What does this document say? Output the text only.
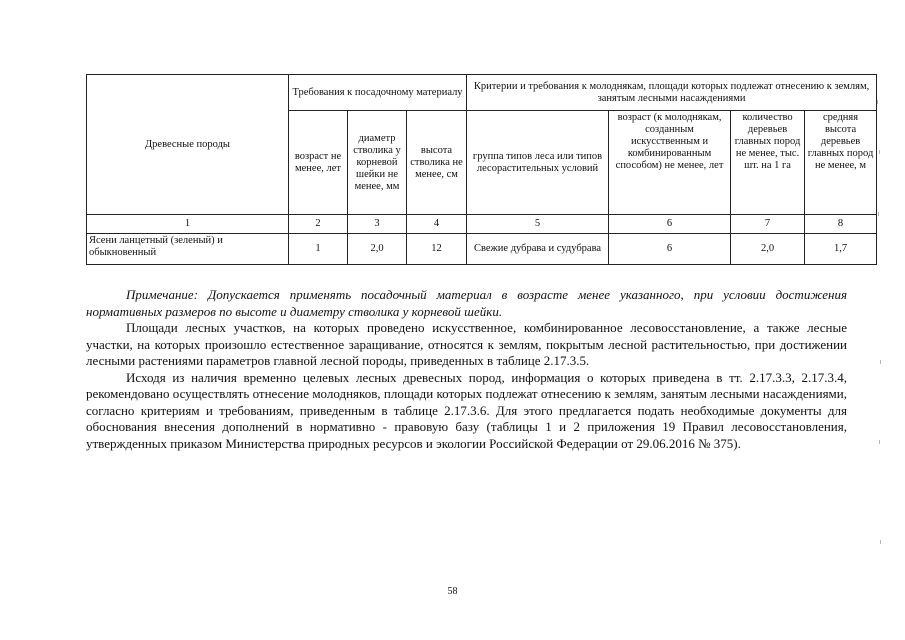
Древесные породы	Требования к посадочному материалу			Критерии и требования к молоднякам, площади которых подлежат отнесению к землям, занятым лесными насаждениями			
	возраст не менее, лет	диаметр стволика у корневой шейки не менее, мм	высота стволика не менее, см	группа типов леса или типов лесорастительных условий	возраст (к молоднякам, созданным искусственным и комбинированным способом) не менее, лет	количество деревьев главных пород не менее, тыс. шт. на 1 га	средняя высота деревьев главных пород не менее, м
1	2	3	4	5	6	7	8
Ясени ланцетный (зеленый) и обыкновенный	1	2,0	12	Свежие дубрава и судубрава	6	2,0	1,7

Примечание: Допускается применять посадочный материал в возрасте менее указанного, при условии достижения нормативных размеров по высоте и диаметру стволика у корневой шейки.

Площади лесных участков, на которых проведено искусственное, комбинированное лесовосстановление, а также лесные участки, на которых произошло естественное заращивание, относятся к землям, покрытым лесной растительностью, при достижении лесными растениями параметров главной лесной породы, приведенных в таблице 2.17.3.5.

Исходя из наличия временно целевых лесных древесных пород, информация о которых приведена в тт. 2.17.3.3, 2.17.3.4, рекомендовано осуществлять отнесение молодняков, площади которых подлежат отнесению к землям, занятым лесными насаждениями, согласно критериям и требованиям, приведенным в таблице 2.17.3.6. Для этого предлагается подать необходимые документы для обоснования внесения дополнений в нормативно - правовую базу (таблицы 1 и 2 приложения 19 Правил лесовосстановления, утвержденных приказом Министерства природных ресурсов и экологии Российской Федерации от 29.06.2016 № 375).

58
